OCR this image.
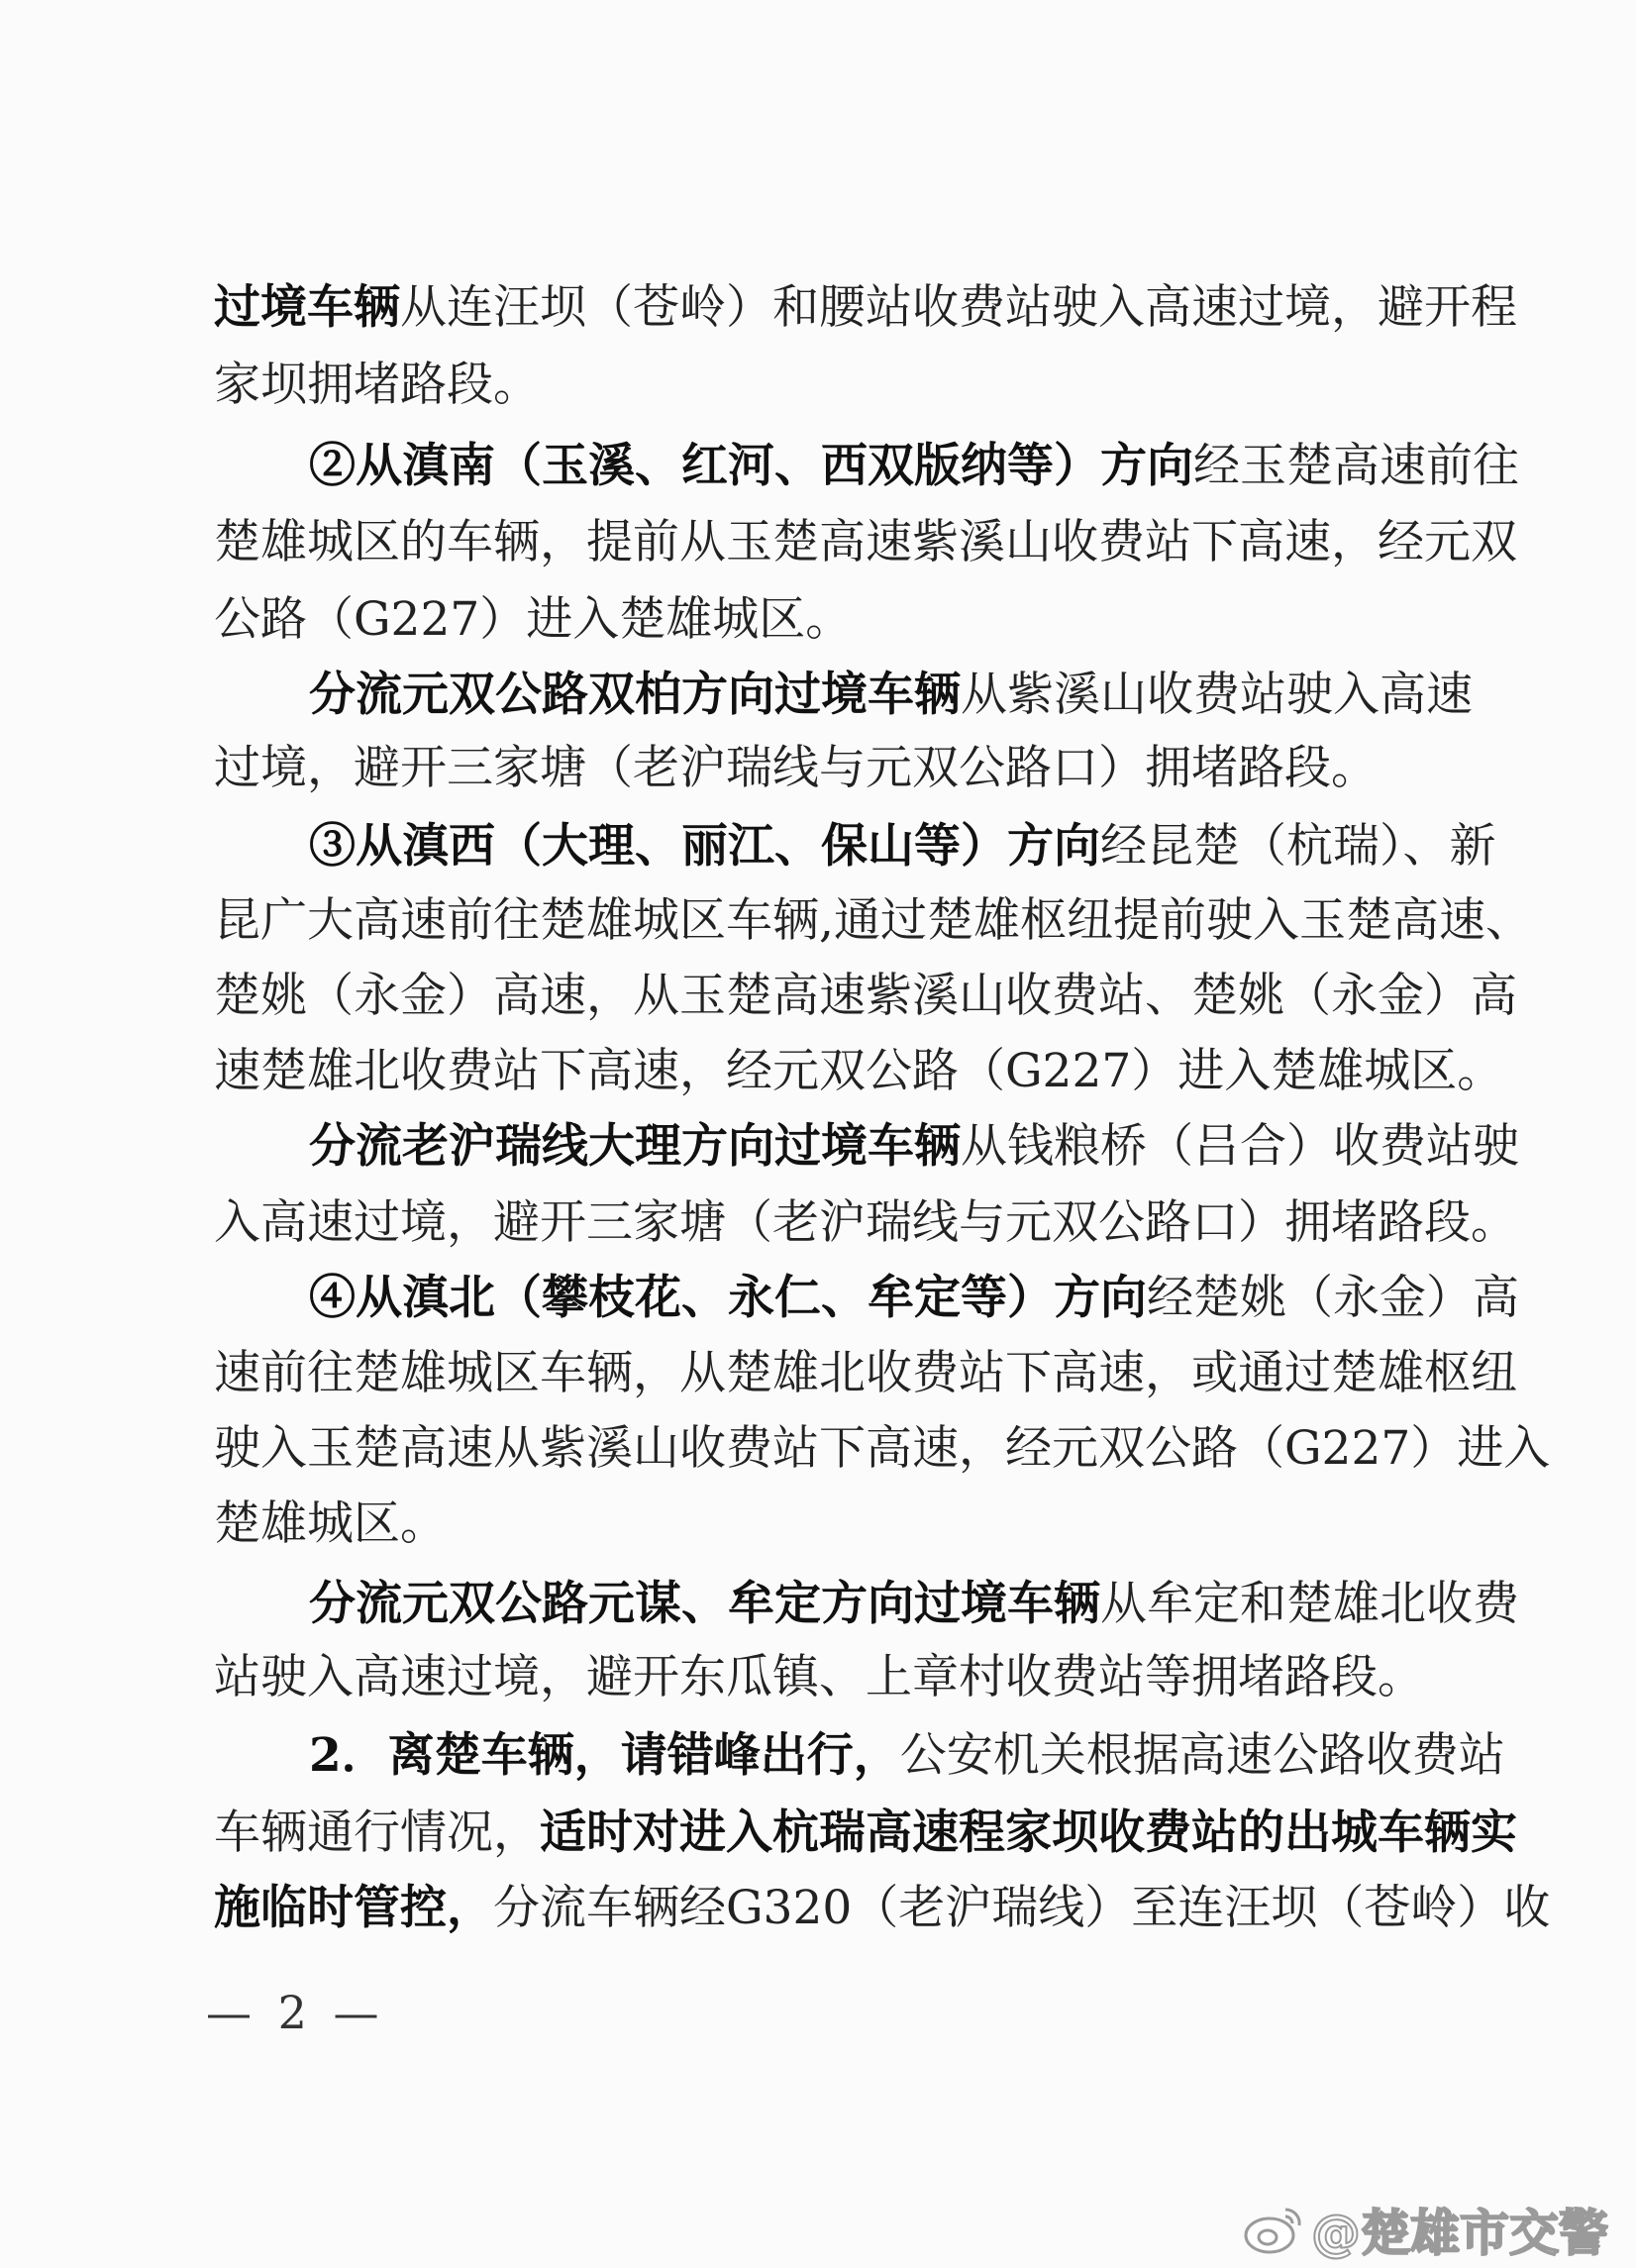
过境车辆从连汪坝（苍岭）和腰站收费站驶入高速过境，避开程
家坝拥堵路段。
②从滇南（玉溪、红河、西双版纳等）方向经玉楚高速前往
楚雄城区的车辆，提前从玉楚高速紫溪山收费站下高速，经元双
公路（G227）进入楚雄城区。
分流元双公路双柏方向过境车辆从紫溪山收费站驶入高速
过境，避开三家塘（老沪瑞线与元双公路口）拥堵路段。
③从滇西（大理、丽江、保山等）方向经昆楚（杭瑞）、新
昆广大高速前往楚雄城区车辆,通过楚雄枢纽提前驶入玉楚高速、
楚姚（永金）高速，从玉楚高速紫溪山收费站、楚姚（永金）高
速楚雄北收费站下高速，经元双公路（G227）进入楚雄城区。
分流老沪瑞线大理方向过境车辆从钱粮桥（吕合）收费站驶
入高速过境，避开三家塘（老沪瑞线与元双公路口）拥堵路段。
④从滇北（攀枝花、永仁、牟定等）方向经楚姚（永金）高
速前往楚雄城区车辆，从楚雄北收费站下高速，或通过楚雄枢纽
驶入玉楚高速从紫溪山收费站下高速，经元双公路（G227）进入
楚雄城区。
分流元双公路元谋、牟定方向过境车辆从牟定和楚雄北收费
站驶入高速过境，避开东瓜镇、上章村收费站等拥堵路段。
2．离楚车辆，请错峰出行，公安机关根据高速公路收费站
车辆通行情况，适时对进入杭瑞高速程家坝收费站的出城车辆实
施临时管控，分流车辆经G320（老沪瑞线）至连汪坝（苍岭）收
— 2 —
@楚雄市交警
